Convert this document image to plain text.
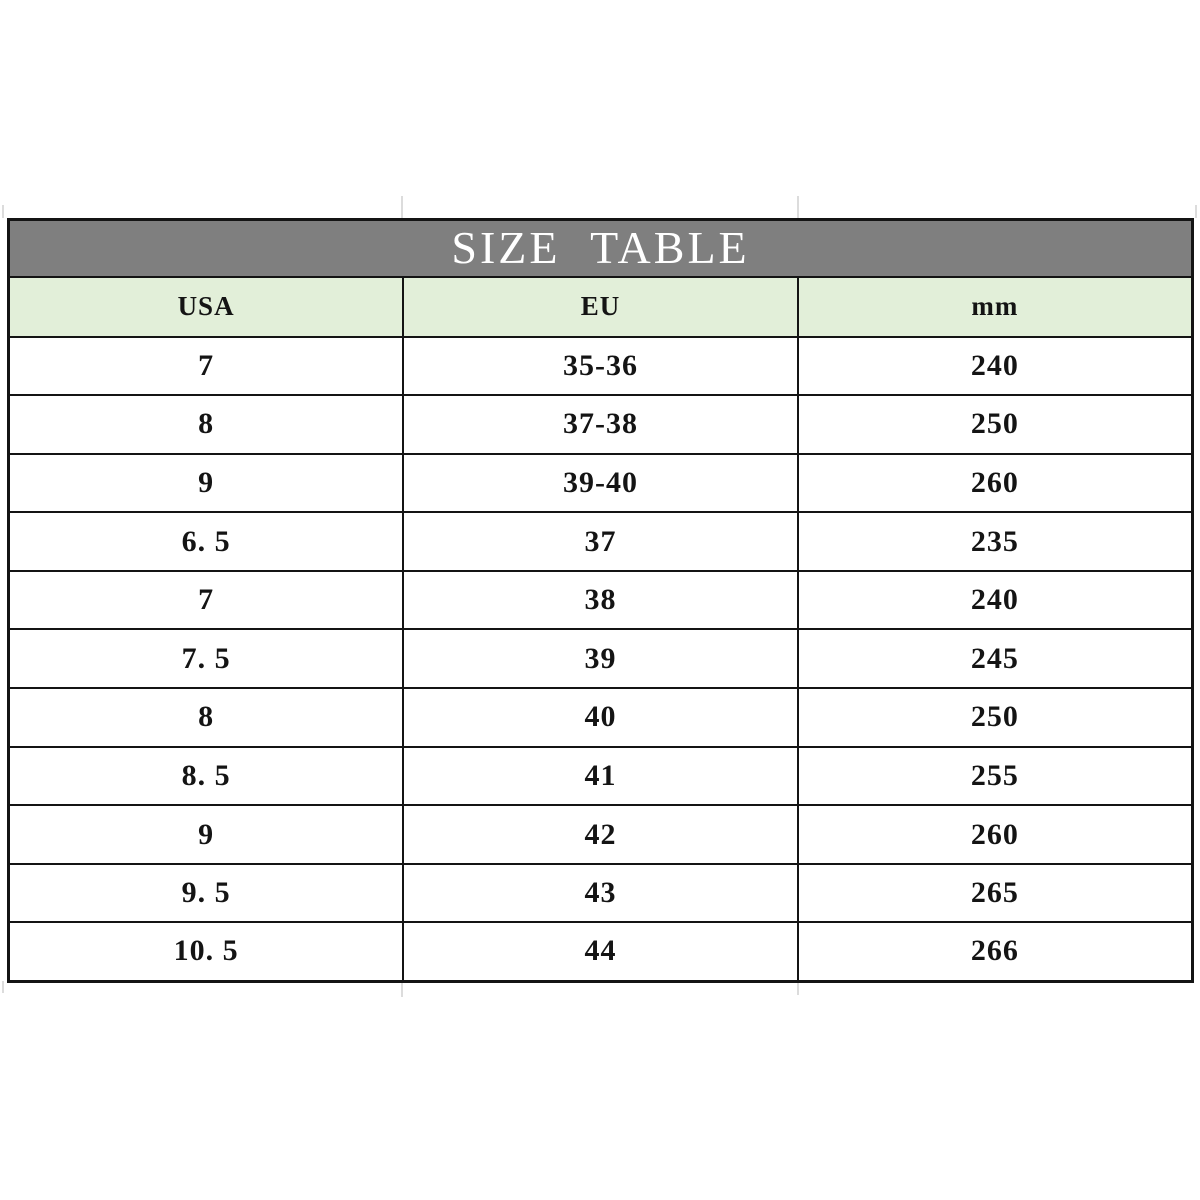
SIZE TABLE		
USA	EU	mm
7	35-36	240
8	37-38	250
9	39-40	260
6. 5	37	235
7	38	240
7. 5	39	245
8	40	250
8. 5	41	255
9	42	260
9. 5	43	265
10. 5	44	266
